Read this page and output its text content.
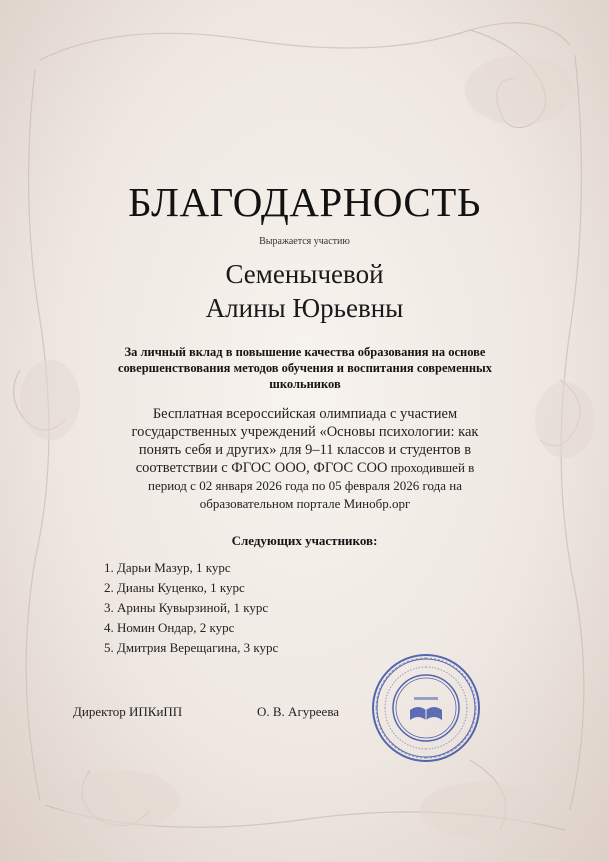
БЛАГОДАРНОСТЬ
Выражается участию
Семенычевой
Алины Юрьевны
За личный вклад в повышение качества образования на основе совершенствования методов обучения и воспитания современных школьников
Бесплатная всероссийская олимпиада с участием
государственных учреждений «Основы психологии: как
понять себя и других» для 9–11 классов и студентов в
соответствии с ФГОС ООО, ФГОС СОО проходившей в
период с 02 января 2026 года по 05 февраля 2026 года на
образовательном портале Минобр.орг
Следующих участников:
1. Дарьи Мазур, 1 курс
2. Дианы Куценко, 1 курс
3. Арины Кувырзиной, 1 курс
4. Номин Ондар, 2 курс
5. Дмитрия Верещагина, 3 курс
Директор ИПКиПП	О. В. Агуреева
